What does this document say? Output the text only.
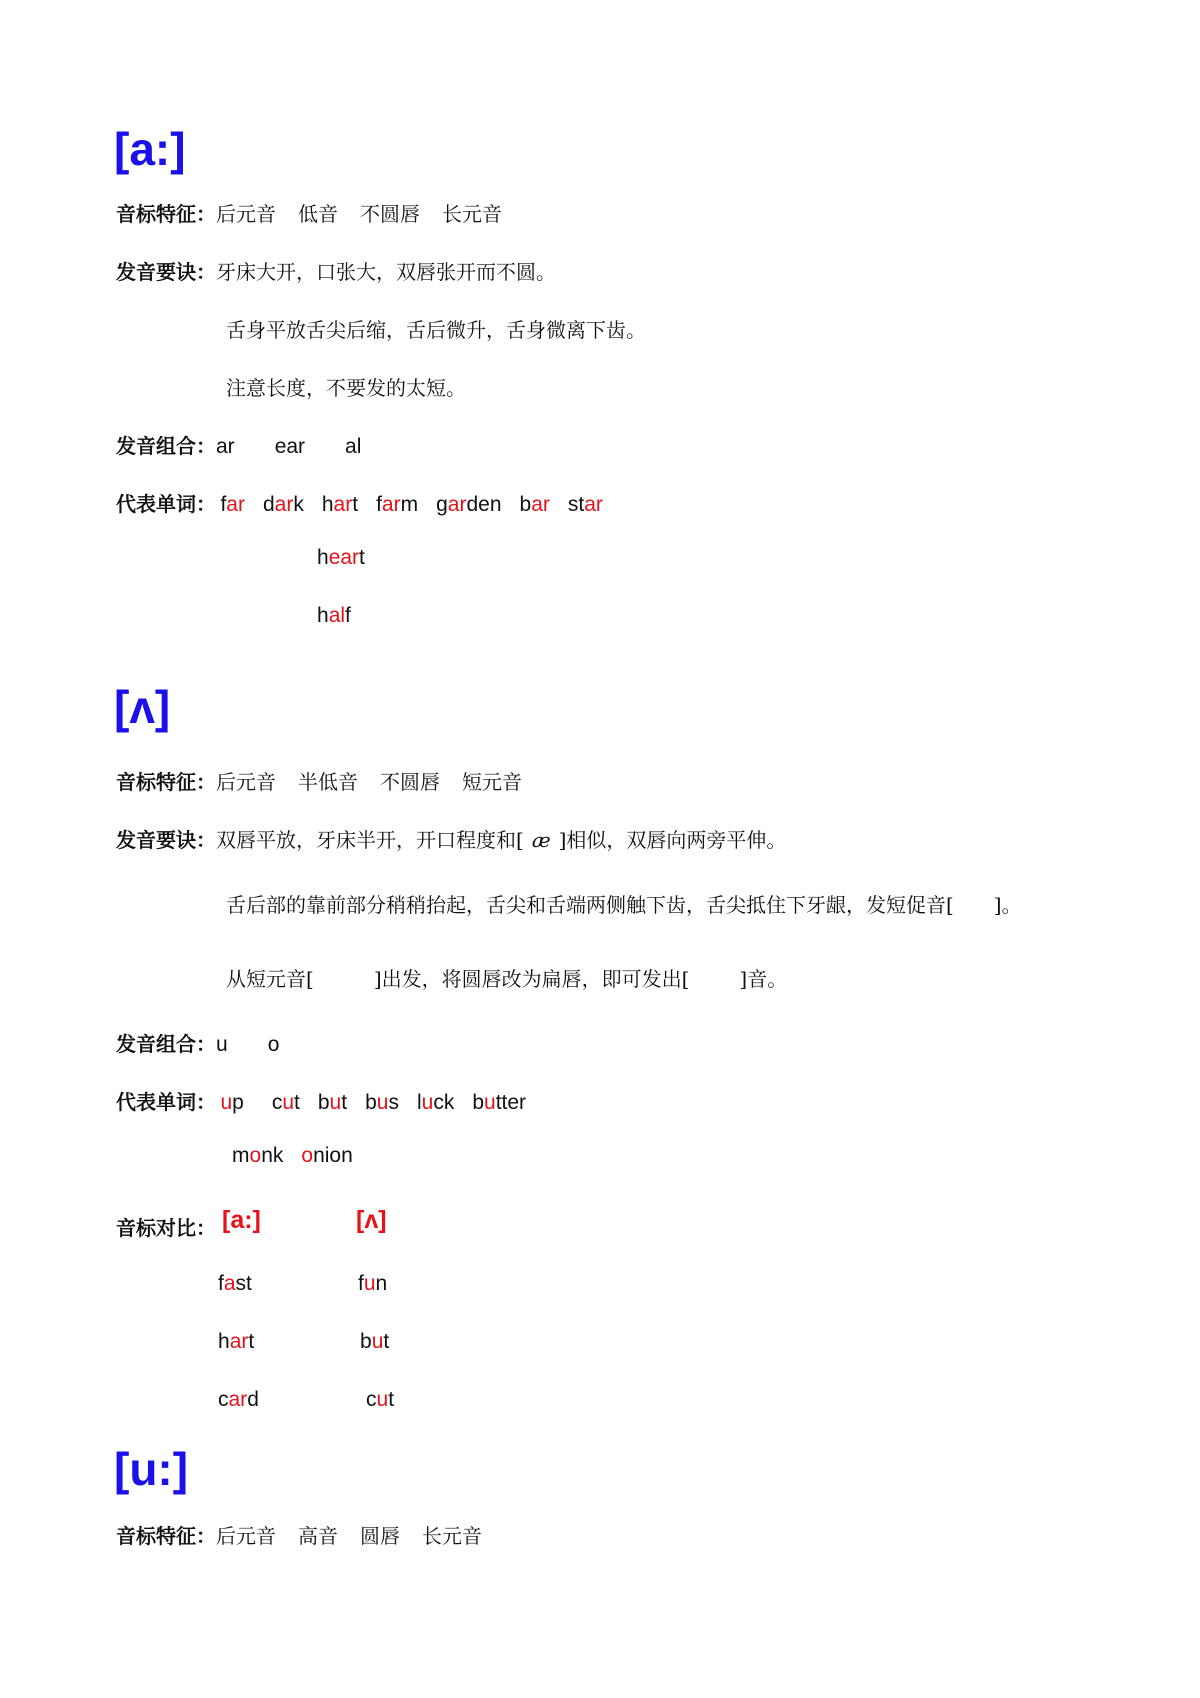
[a:]
音标特征：后元音 低音 不圆唇 长元音
发音要诀：牙床大开，口张大，双唇张开而不圆。
舌身平放舌尖后缩，舌后微升，舌身微离下齿。
注意长度，不要发的太短。
发音组合：ar ear al
代表单词： far dark hart farm garden bar star
heart
half
[ʌ]
音标特征：后元音 半低音 不圆唇 短元音
发音要诀：双唇平放，牙床半开，开口程度和[ æ ]相似，双唇向两旁平伸。
舌后部的靠前部分稍稍抬起，舌尖和舌端两侧触下齿，舌尖抵住下牙龈，发短促音[　　]。
从短元音[	]出发，将圆唇改为扁唇，即可发出[	]音。
发音组合：u o
代表单词： up cut but bus luck butter
monk onion
音标对比： [a:]	[ʌ]
fast	fun
hart	but
card	cut
[u:]
音标特征：后元音 高音 圆唇 长元音
